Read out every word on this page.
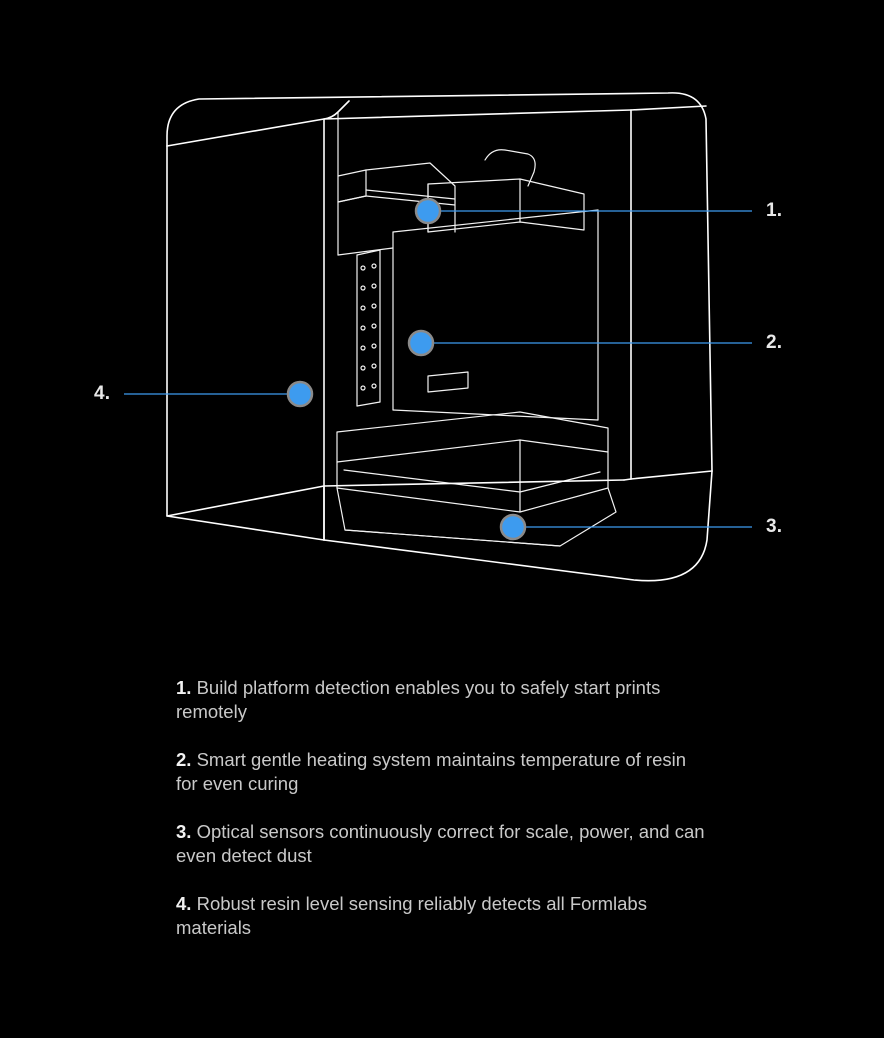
1.
2.
3.
4.
1. Build platform detection enables you to safely start prints remotely
2. Smart gentle heating system maintains temperature of resin for even curing
3. Optical sensors continuously correct for scale, power, and can even detect dust
4. Robust resin level sensing reliably detects all Formlabs materials
